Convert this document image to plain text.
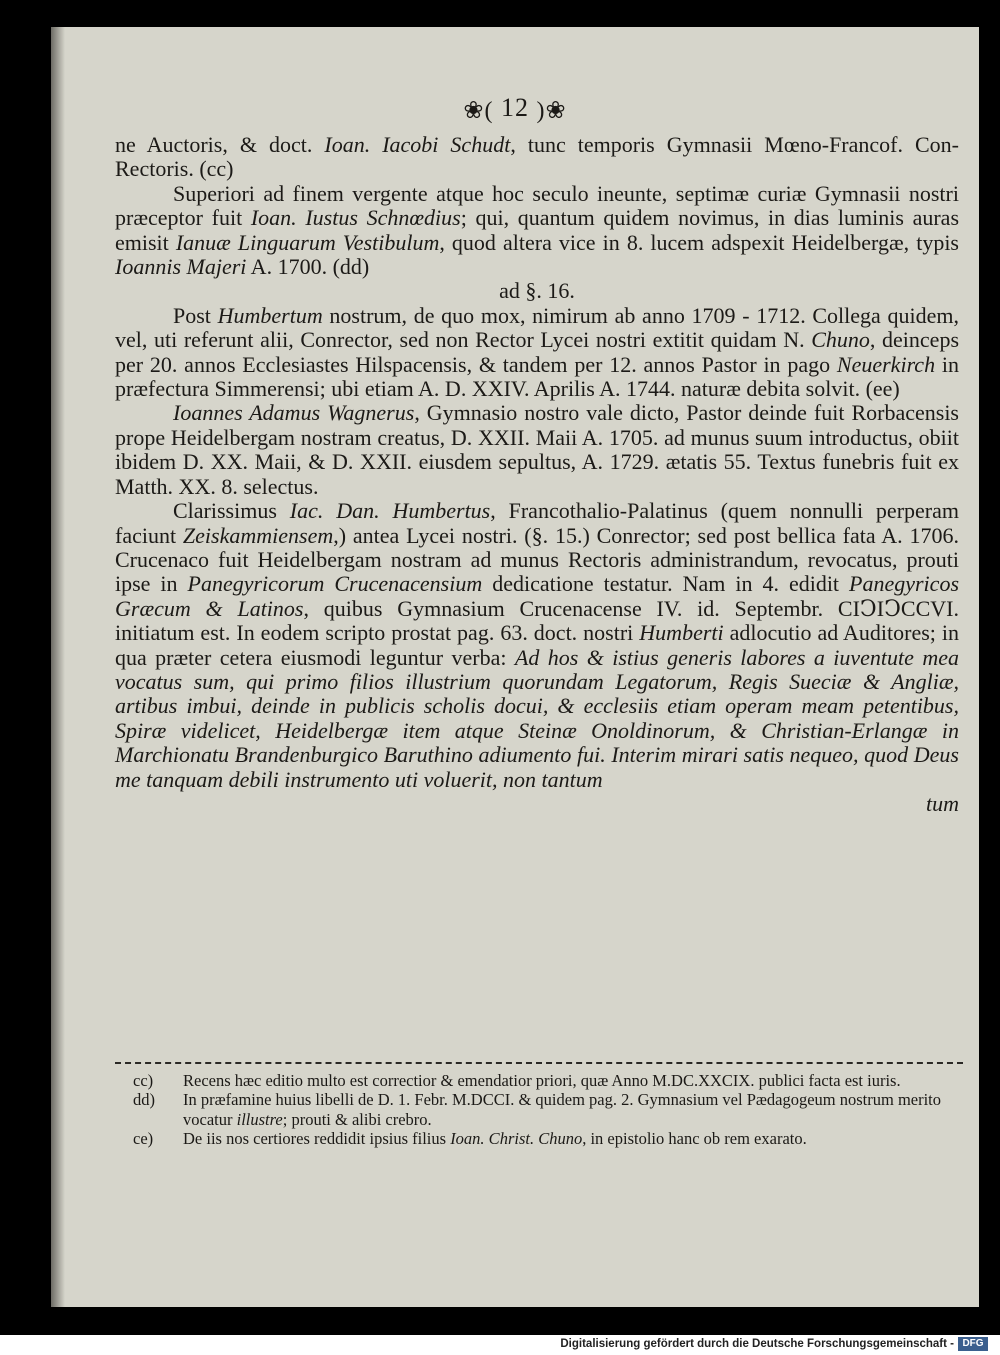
❀( 12 )❀

ne Auctoris, & doct. Ioan. Iacobi Schudt, tunc temporis Gymnasii Mœno-Francof. Con-Rectoris. (cc)

Superiori ad finem vergente atque hoc seculo ineunte, septimæ curiæ Gymnasii nostri præceptor fuit Ioan. Iustus Schnœdius; qui, quantum quidem novimus, in dias luminis auras emisit Ianuæ Linguarum Vestibulum, quod altera vice in 8. lucem adspexit Heidelbergæ, typis Ioannis Majeri A. 1700. (dd)

ad §. 16.

Post Humbertum nostrum, de quo mox, nimirum ab anno 1709 - 1712. Collega quidem, vel, uti referunt alii, Conrector, sed non Rector Lycei nostri extitit quidam N. Chuno, deinceps per 20. annos Ecclesiastes Hilspacensis, & tandem per 12. annos Pastor in pago Neuerkirch in præfectura Simmerensi; ubi etiam A. D. XXIV. Aprilis A. 1744. naturæ debita solvit. (ee)

Ioannes Adamus Wagnerus, Gymnasio nostro vale dicto, Pastor deinde fuit Rorbacensis prope Heidelbergam nostram creatus, D. XXII. Maii A. 1705. ad munus suum introductus, obiit ibidem D. XX. Maii, & D. XXII. eiusdem sepultus, A. 1729. ætatis 55. Textus funebris fuit ex Matth. XX. 8. selectus.

Clarissimus Iac. Dan. Humbertus, Francothalio-Palatinus (quem nonnulli perperam faciunt Zeiskammiensem,) antea Lycei nostri. (§. 15.) Conrector; sed post bellica fata A. 1706. Crucenaco fuit Heidelbergam nostram ad munus Rectoris administrandum, revocatus, prouti ipse in Panegyricorum Crucenacensium dedicatione testatur. Nam in 4. edidit Panegyricos Græcum & Latinos, quibus Gymnasium Crucenacense IV. id. Septembr. CIↃIↃCCVI. initiatum est. In eodem scripto prostat pag. 63. doct. nostri Humberti adlocutio ad Auditores; in qua præter cetera eiusmodi leguntur verba: Ad hos & istius generis labores a iuventute mea vocatus sum, qui primo filios illustrium quorundam Legatorum, Regis Sueciæ & Angliæ, artibus imbui, deinde in publicis scholis docui, & ecclesiis etiam operam meam petentibus, Spiræ videlicet, Heidelbergæ item atque Steinæ Onoldinorum, & Christian-Erlangæ in Marchionatu Brandenburgico Baruthino adiumento fui. Interim mirari satis nequeo, quod Deus me tanquam debili instrumento uti voluerit, non tantum

tum

cc)	Recens hæc editio multo est correctior & emendatior priori, quæ Anno M.DC.XXCIX. publici facta est iuris.
dd)	In præfamine huius libelli de D. 1. Febr. M.DCCI. & quidem pag. 2. Gymnasium vel Pædagogeum nostrum merito vocatur illustre; prouti & alibi crebro.
ce)	De iis nos certiores reddidit ipsius filius Ioan. Christ. Chuno, in epistolio hanc ob rem exarato.
Digitalisierung gefördert durch die Deutsche Forschungsgemeinschaft - DFG
